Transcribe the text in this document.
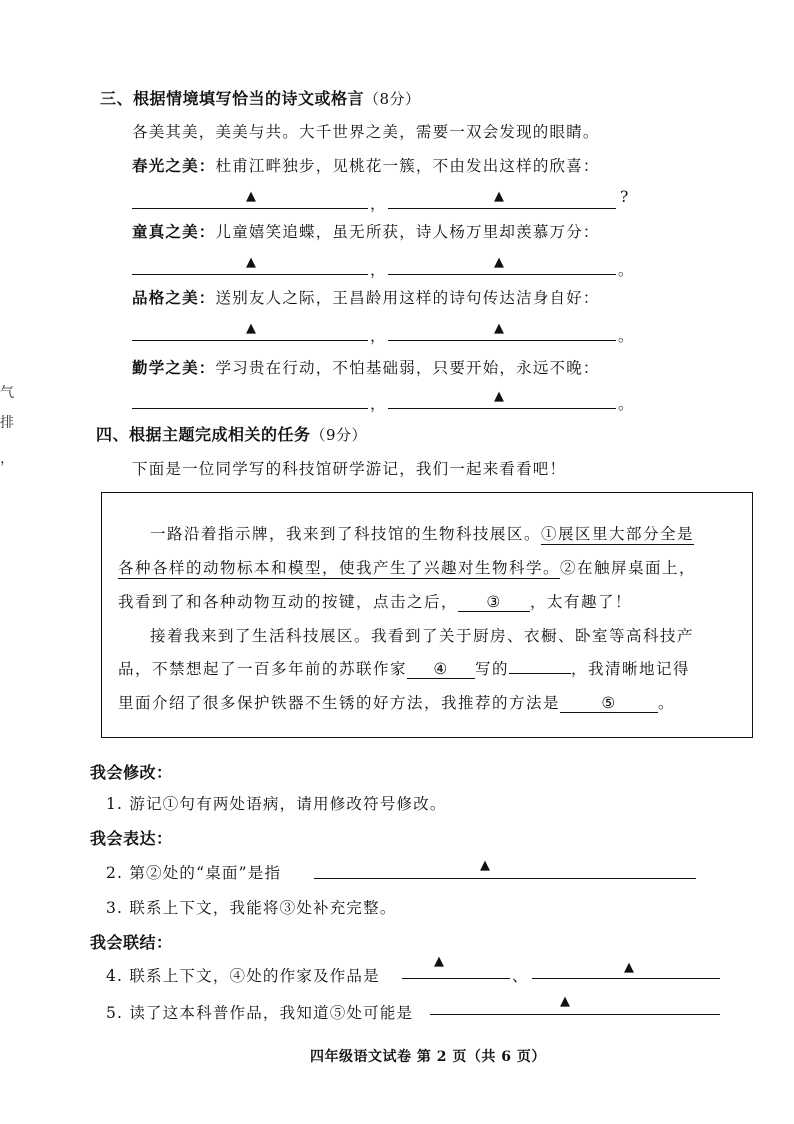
气
排
，
三、根据情境填写恰当的诗文或格言（8分）
各美其美，美美与共。大千世界之美，需要一双会发现的眼睛。
春光之美：杜甫江畔独步，见桃花一簇，不由发出这样的欣喜：
▲	，	▲	?
童真之美：儿童嬉笑追蝶，虽无所获，诗人杨万里却羡慕万分：
▲	，	▲	。
品格之美：送别友人之际，王昌龄用这样的诗句传达洁身自好：
▲	，	▲	。
勤学之美：学习贵在行动，不怕基础弱，只要开始，永远不晚：
，	▲	。
四、根据主题完成相关的任务（9分）
下面是一位同学写的科技馆研学游记，我们一起来看看吧！
一路沿着指示牌，我来到了科技馆的生物科技展区。①展区里大部分全是
各种各样的动物标本和模型，使我产生了兴趣对生物科学。②在触屏桌面上，
我看到了和各种动物互动的按键，点击之后， ③ ，太有趣了！
接着我来到了生活科技展区。我看到了关于厨房、衣橱、卧室等高科技产
品，不禁想起了一百多年前的苏联作家 ④ 写的	，我清晰地记得
里面介绍了很多保护铁器不生锈的好方法，我推荐的方法是	⑤	。
我会修改：
1. 游记①句有两处语病，请用修改符号修改。
我会表达：
2. 第②处的“桌面”是指	▲
3. 联系上下文，我能将③处补充完整。
我会联结：
4. 联系上下文，④处的作家及作品是
▲
、	▲
5. 读了这本科普作品，我知道⑤处可能是
▲
四年级语文试卷 第 2 页（共 6 页）
